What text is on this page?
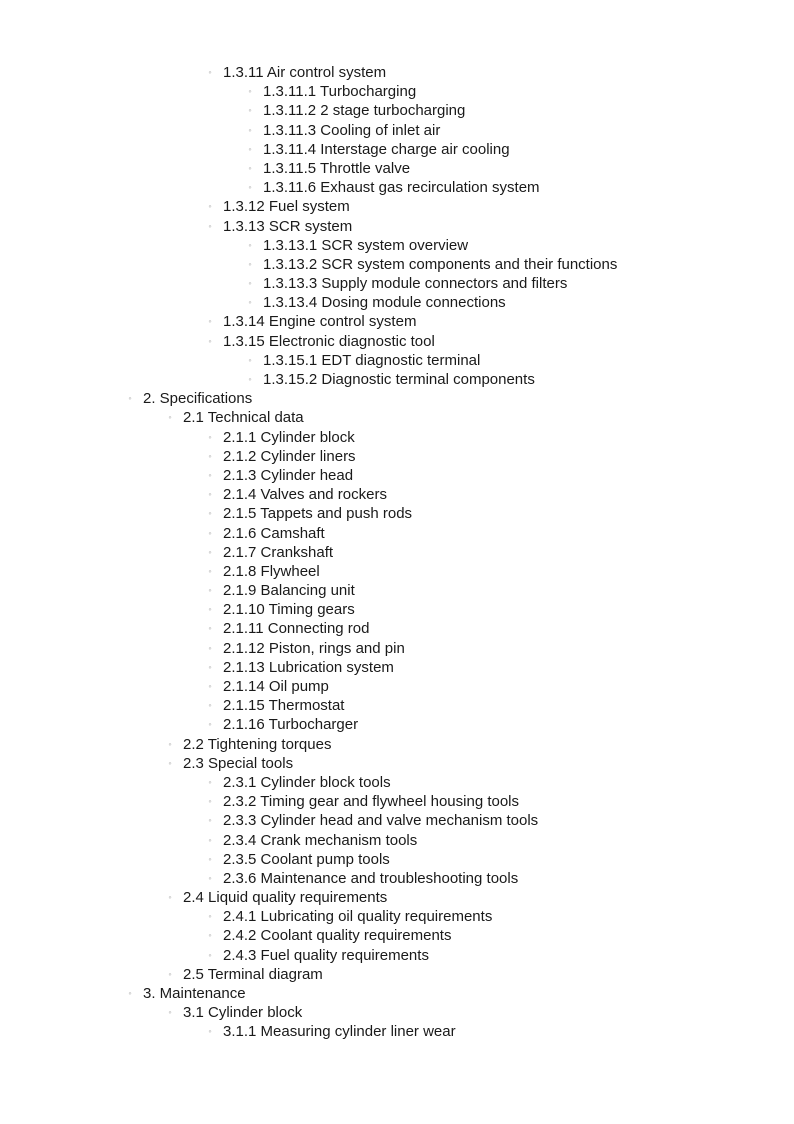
◦ 1.3.11 Air control system
◦ 1.3.11.1 Turbocharging
◦ 1.3.11.2 2 stage turbocharging
◦ 1.3.11.3 Cooling of inlet air
◦ 1.3.11.4 Interstage charge air cooling
◦ 1.3.11.5 Throttle valve
◦ 1.3.11.6 Exhaust gas recirculation system
◦ 1.3.12 Fuel system
◦ 1.3.13 SCR system
◦ 1.3.13.1 SCR system overview
◦ 1.3.13.2 SCR system components and their functions
◦ 1.3.13.3 Supply module connectors and filters
◦ 1.3.13.4 Dosing module connections
◦ 1.3.14 Engine control system
◦ 1.3.15 Electronic diagnostic tool
◦ 1.3.15.1 EDT diagnostic terminal
◦ 1.3.15.2 Diagnostic terminal components
◦ 2. Specifications
◦ 2.1 Technical data
◦ 2.1.1 Cylinder block
◦ 2.1.2 Cylinder liners
◦ 2.1.3 Cylinder head
◦ 2.1.4 Valves and rockers
◦ 2.1.5 Tappets and push rods
◦ 2.1.6 Camshaft
◦ 2.1.7 Crankshaft
◦ 2.1.8 Flywheel
◦ 2.1.9 Balancing unit
◦ 2.1.10 Timing gears
◦ 2.1.11 Connecting rod
◦ 2.1.12 Piston, rings and pin
◦ 2.1.13 Lubrication system
◦ 2.1.14 Oil pump
◦ 2.1.15 Thermostat
◦ 2.1.16 Turbocharger
◦ 2.2 Tightening torques
◦ 2.3 Special tools
◦ 2.3.1 Cylinder block tools
◦ 2.3.2 Timing gear and flywheel housing tools
◦ 2.3.3 Cylinder head and valve mechanism tools
◦ 2.3.4 Crank mechanism tools
◦ 2.3.5 Coolant pump tools
◦ 2.3.6 Maintenance and troubleshooting tools
◦ 2.4 Liquid quality requirements
◦ 2.4.1 Lubricating oil quality requirements
◦ 2.4.2 Coolant quality requirements
◦ 2.4.3 Fuel quality requirements
◦ 2.5 Terminal diagram
◦ 3. Maintenance
◦ 3.1 Cylinder block
◦ 3.1.1 Measuring cylinder liner wear
